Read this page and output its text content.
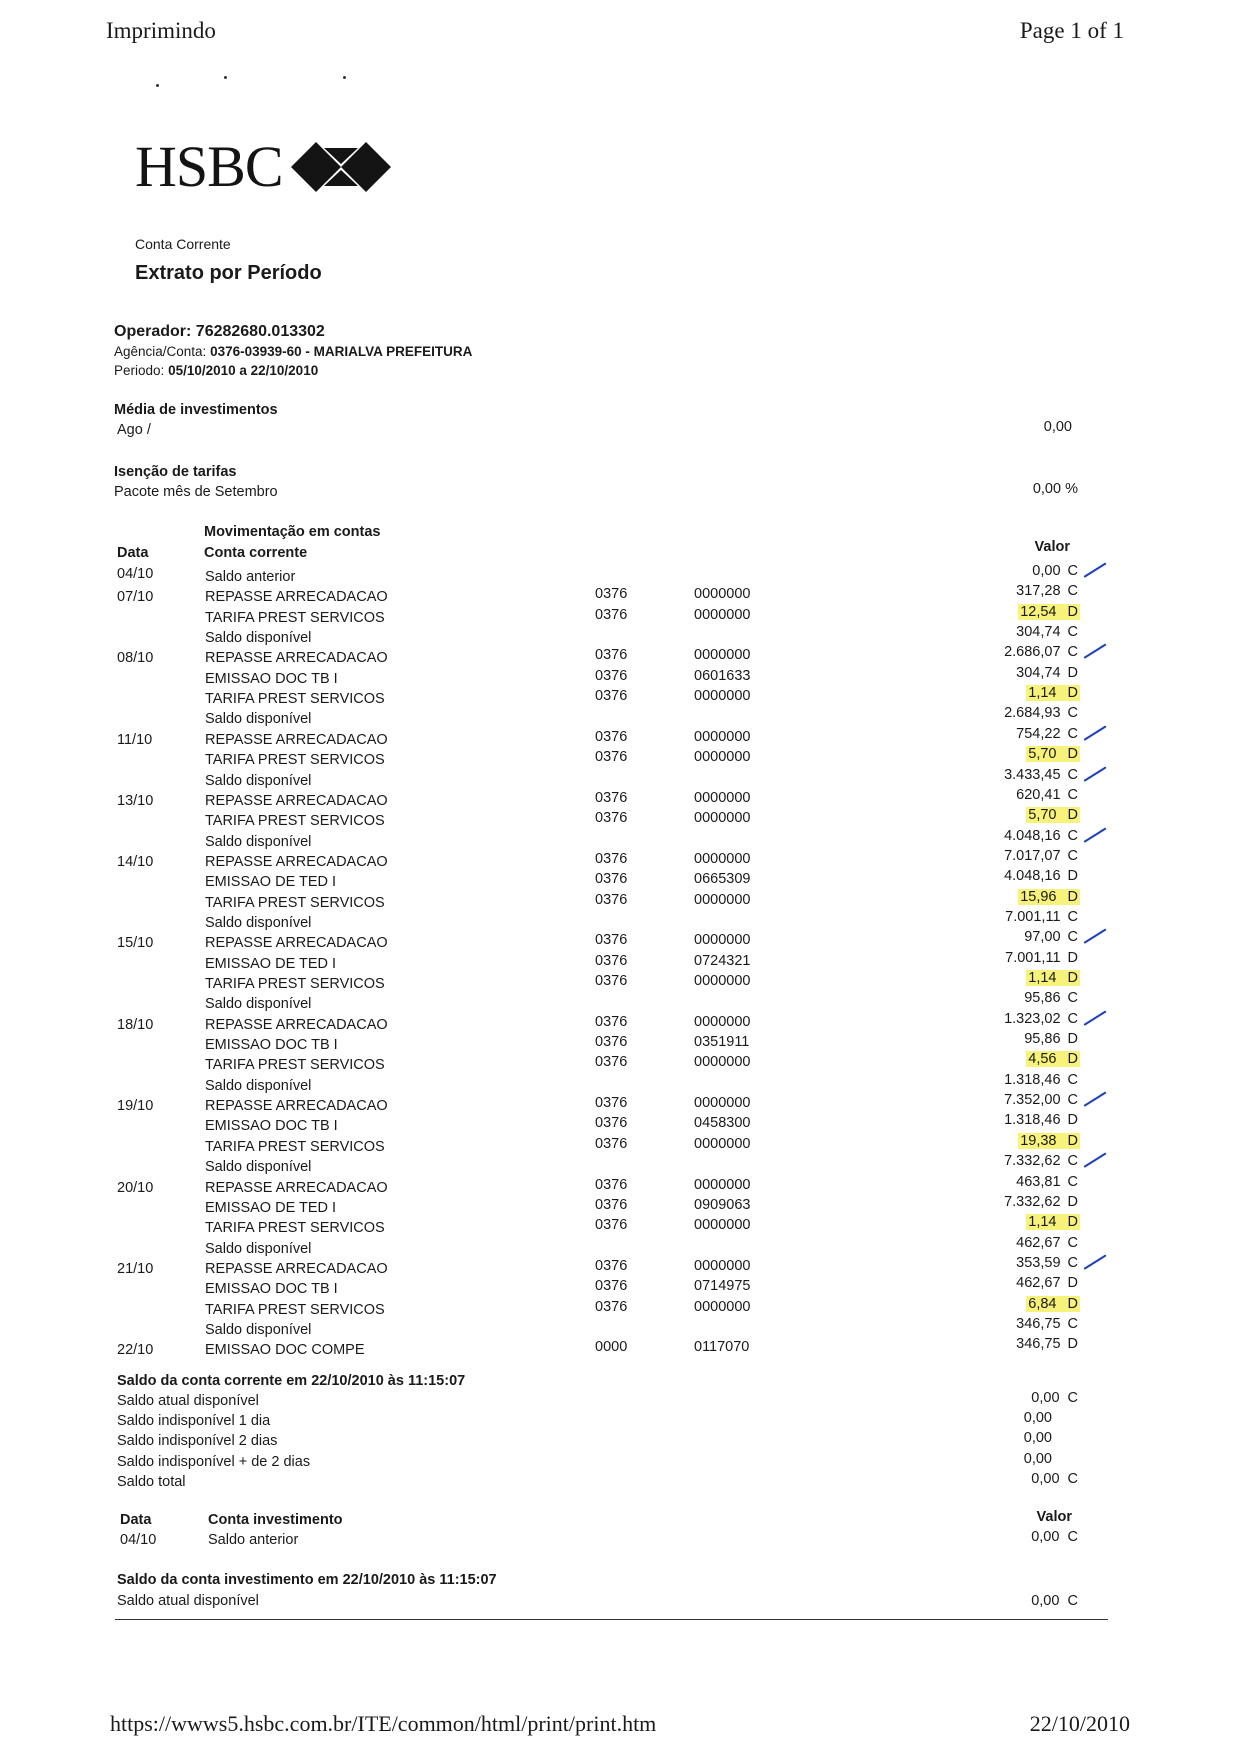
Imprimindo	Page 1 of 1
HSBC
Conta Corrente
Extrato por Período
Operador: 76282680.013302
Agência/Conta: 0376-03939-60 - MARIALVA PREFEITURA
Periodo: 05/10/2010 a 22/10/2010
Média de investimentos
Ago /	0,00
Isenção de tarifas
Pacote mês de Setembro	0,00 %
Movimentação em contas
Data	Conta corrente	Valor
04/10	Saldo anterior	0,00 C
07/10	REPASSE ARRECADACAO	0376	0000000	317,28 C
TARIFA PREST SERVICOS	0376	0000000	12,54 D
Saldo disponível	304,74 C
08/10	REPASSE ARRECADACAO	0376	0000000	2.686,07 C
EMISSAO DOC TB I	0376	0601633	304,74 D
TARIFA PREST SERVICOS	0376	0000000	1,14 D
Saldo disponível	2.684,93 C
11/10	REPASSE ARRECADACAO	0376	0000000	754,22 C
TARIFA PREST SERVICOS	0376	0000000	5,70 D
Saldo disponível	3.433,45 C
13/10	REPASSE ARRECADACAO	0376	0000000	620,41 C
TARIFA PREST SERVICOS	0376	0000000	5,70 D
Saldo disponível	4.048,16 C
14/10	REPASSE ARRECADACAO	0376	0000000	7.017,07 C
EMISSAO DE TED I	0376	0665309	4.048,16 D
TARIFA PREST SERVICOS	0376	0000000	15,96 D
Saldo disponível	7.001,11 C
15/10	REPASSE ARRECADACAO	0376	0000000	97,00 C
EMISSAO DE TED I	0376	0724321	7.001,11 D
TARIFA PREST SERVICOS	0376	0000000	1,14 D
Saldo disponível	95,86 C
18/10	REPASSE ARRECADACAO	0376	0000000	1.323,02 C
EMISSAO DOC TB I	0376	0351911	95,86 D
TARIFA PREST SERVICOS	0376	0000000	4,56 D
Saldo disponível	1.318,46 C
19/10	REPASSE ARRECADACAO	0376	0000000	7.352,00 C
EMISSAO DOC TB I	0376	0458300	1.318,46 D
TARIFA PREST SERVICOS	0376	0000000	19,38 D
Saldo disponível	7.332,62 C
20/10	REPASSE ARRECADACAO	0376	0000000	463,81 C
EMISSAO DE TED I	0376	0909063	7.332,62 D
TARIFA PREST SERVICOS	0376	0000000	1,14 D
Saldo disponível	462,67 C
21/10	REPASSE ARRECADACAO	0376	0000000	353,59 C
EMISSAO DOC TB I	0376	0714975	462,67 D
TARIFA PREST SERVICOS	0376	0000000	6,84 D
Saldo disponível	346,75 C
22/10	EMISSAO DOC COMPE	0000	0117070	346,75 D
Saldo da conta corrente em 22/10/2010 às 11:15:07
Saldo atual disponível	0,00 C
Saldo indisponível 1 dia	0,00
Saldo indisponível 2 dias	0,00
Saldo indisponível + de 2 dias	0,00
Saldo total	0,00 C
Data	Conta investimento	Valor
04/10	Saldo anterior	0,00 C
Saldo da conta investimento em 22/10/2010 às 11:15:07
Saldo atual disponível	0,00 C
https://wwws5.hsbc.com.br/ITE/common/html/print/print.htm	22/10/2010
